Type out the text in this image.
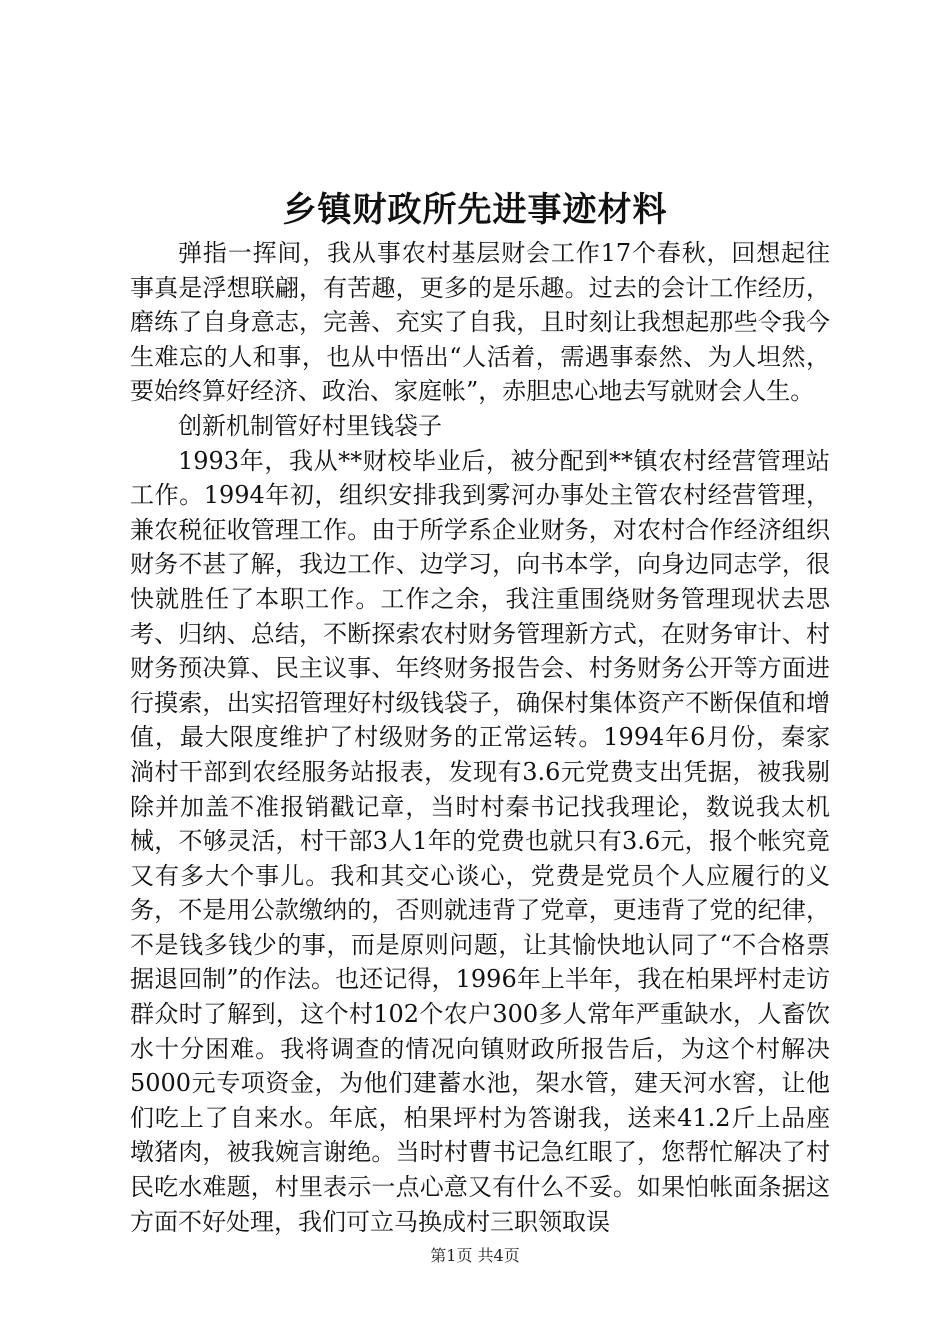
乡镇财政所先进事迹材料

弹指一挥间，我从事农村基层财会工作17个春秋，回想起往事真是浮想联翩，有苦趣，更多的是乐趣。过去的会计工作经历，磨练了自身意志，完善、充实了自我，且时刻让我想起那些令我今生难忘的人和事，也从中悟出“人活着，需遇事泰然、为人坦然，要始终算好经济、政治、家庭帐”，赤胆忠心地去写就财会人生。

创新机制管好村里钱袋子

1993年，我从**财校毕业后，被分配到**镇农村经营管理站工作。1994年初，组织安排我到雾河办事处主管农村经营管理，兼农税征收管理工作。由于所学系企业财务，对农村合作经济组织财务不甚了解，我边工作、边学习，向书本学，向身边同志学，很快就胜任了本职工作。工作之余，我注重围绕财务管理现状去思考、归纳、总结，不断探索农村财务管理新方式，在财务审计、村财务预决算、民主议事、年终财务报告会、村务财务公开等方面进行摸索，出实招管理好村级钱袋子，确保村集体资产不断保值和增值，最大限度维护了村级财务的正常运转。1994年6月份，秦家淌村干部到农经服务站报表，发现有3.6元党费支出凭据，被我剔除并加盖不准报销戳记章，当时村秦书记找我理论，数说我太机械，不够灵活，村干部3人1年的党费也就只有3.6元，报个帐究竟又有多大个事儿。我和其交心谈心，党费是党员个人应履行的义务，不是用公款缴纳的，否则就违背了党章，更违背了党的纪律，不是钱多钱少的事，而是原则问题，让其愉快地认同了“不合格票据退回制”的作法。也还记得，1996年上半年，我在柏果坪村走访群众时了解到，这个村102个农户300多人常年严重缺水，人畜饮水十分困难。我将调查的情况向镇财政所报告后，为这个村解决5000元专项资金，为他们建蓄水池，架水管，建天河水窖，让他们吃上了自来水。年底，柏果坪村为答谢我，送来41.2斤上品座墩猪肉，被我婉言谢绝。当时村曹书记急红眼了，您帮忙解决了村民吃水难题，村里表示一点心意又有什么不妥。如果怕帐面条据这方面不好处理，我们可立马换成村三职领取误

第1页 共4页
